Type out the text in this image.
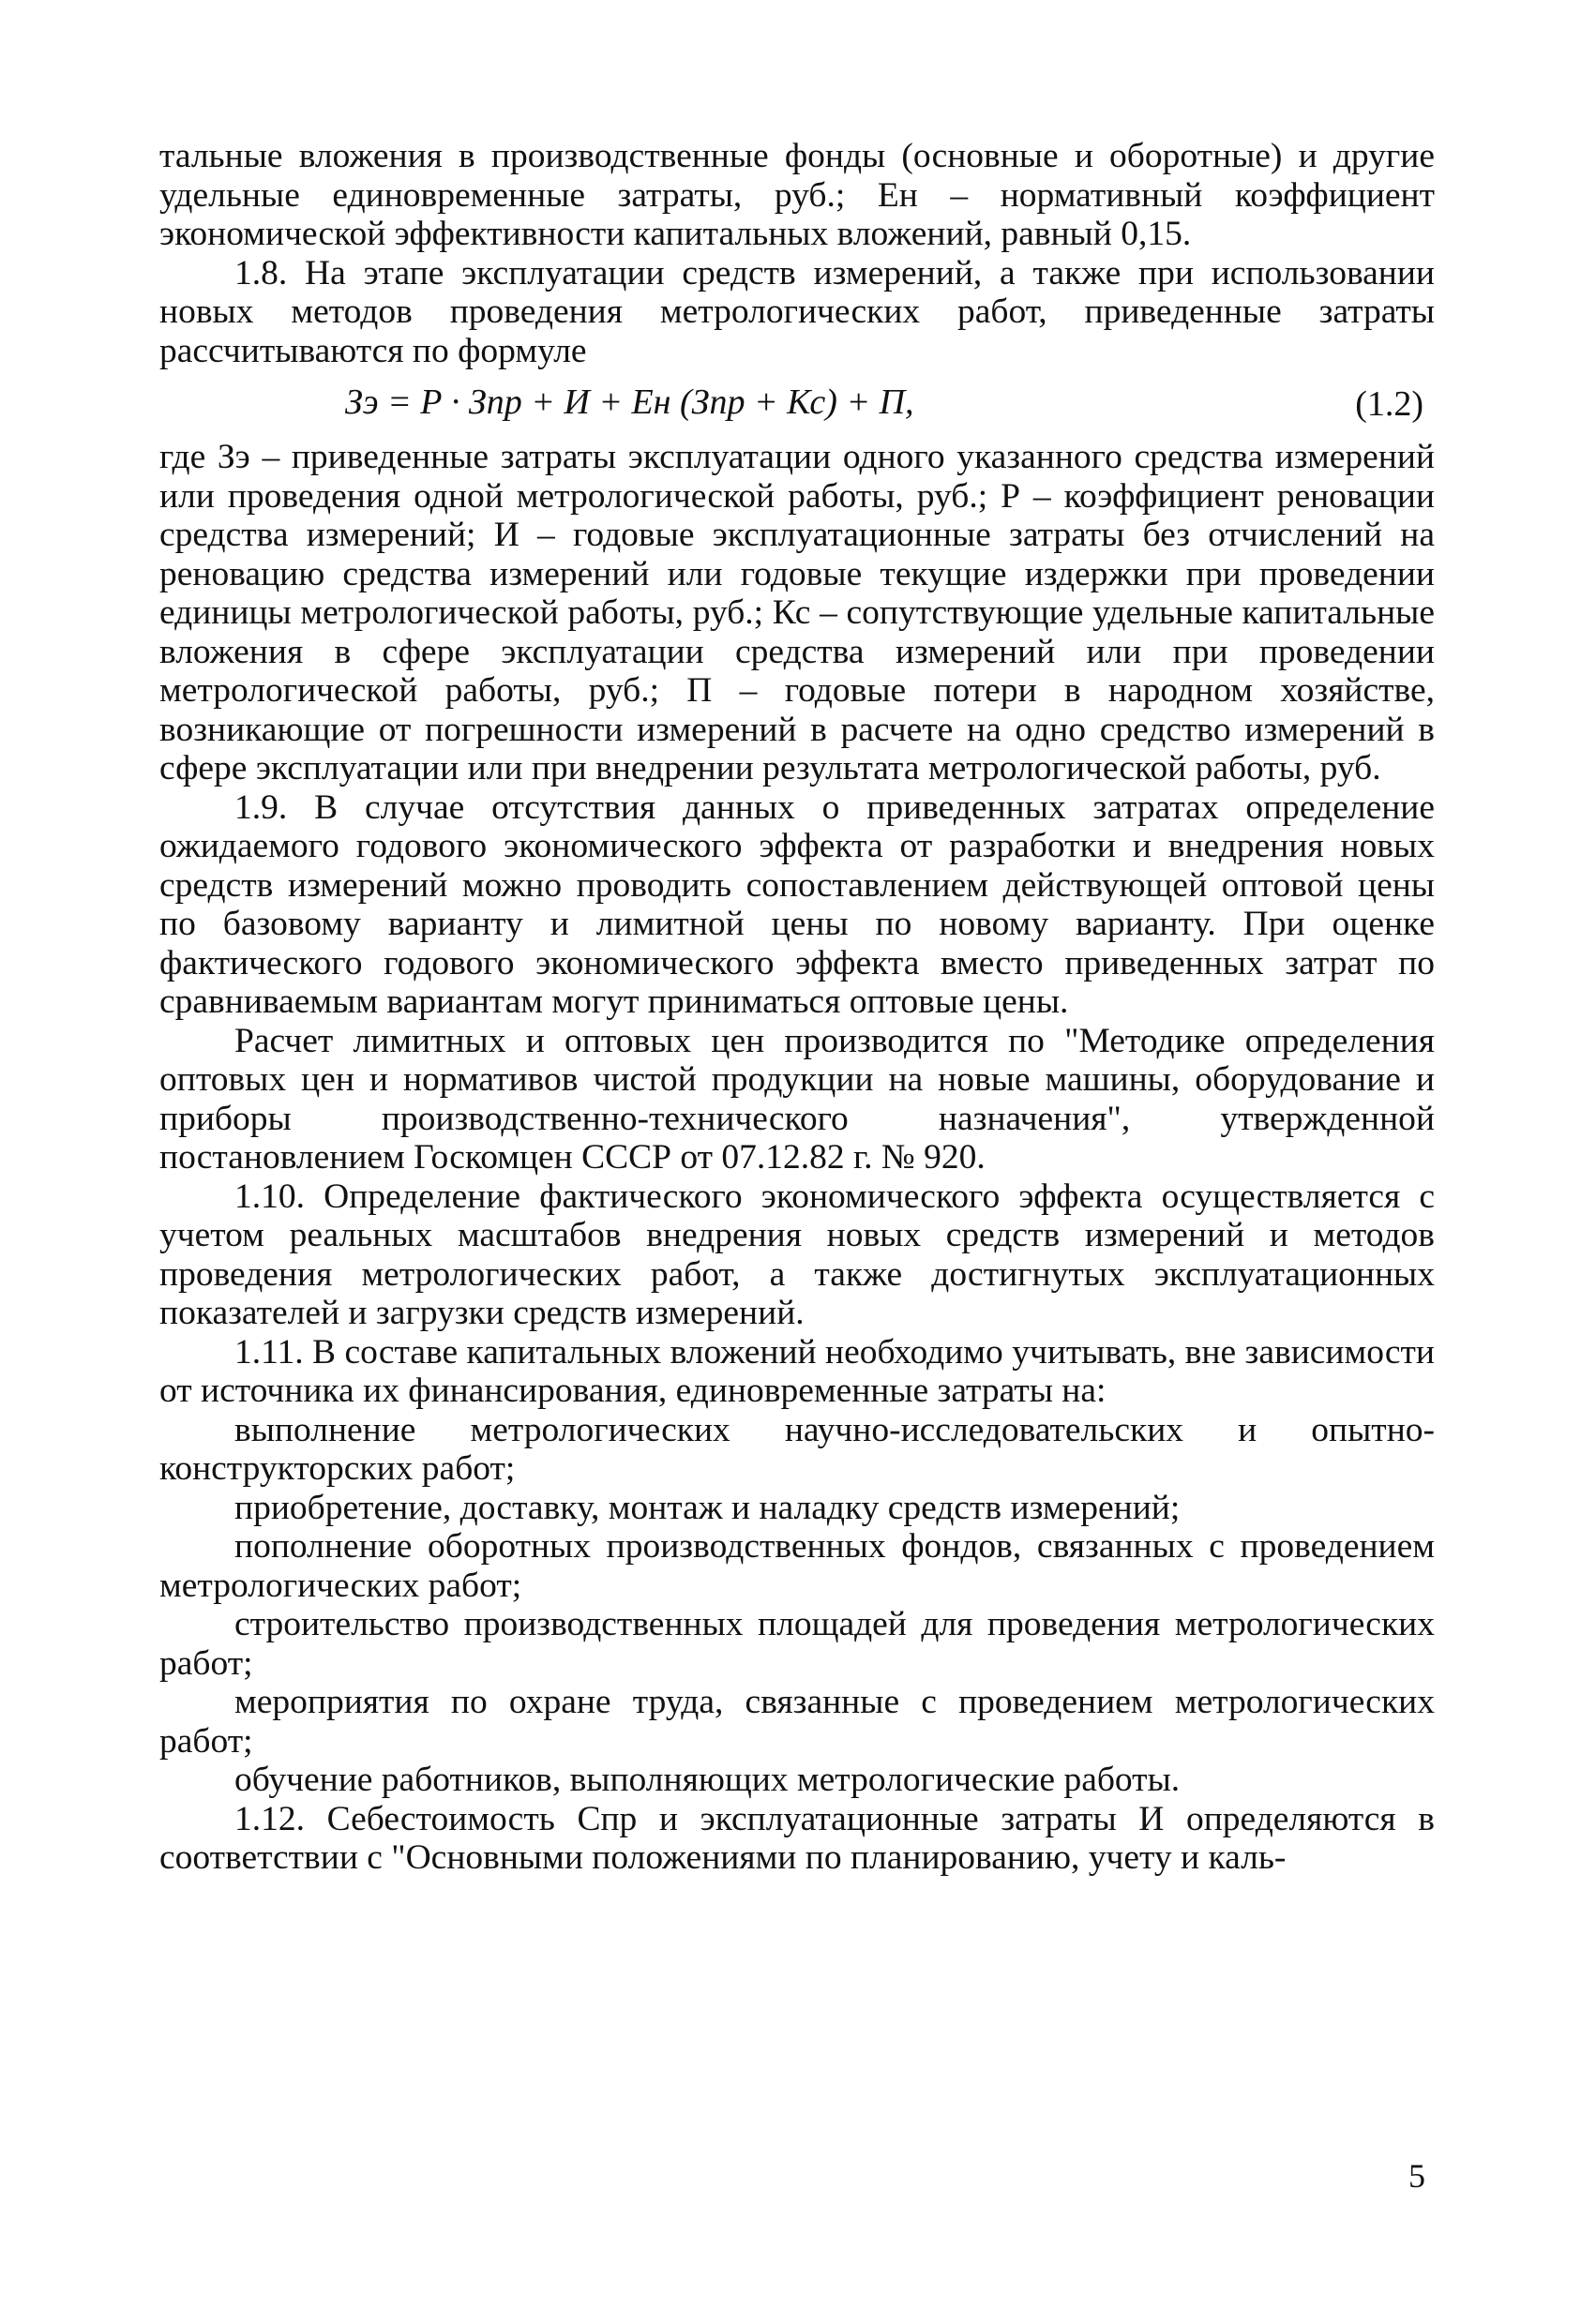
тальные вложения в производственные фонды (основные и оборотные) и другие удельные единовременные затраты, руб.; Ен – нормативный коэффициент экономической эффективности капитальных вложений, равный 0,15.

1.8. На этапе эксплуатации средств измерений, а также при использовании новых методов проведения метрологических работ, приведенные затраты рассчитываются по формуле

Зэ = Р · Зпр + И + Ен (Зпр + Кс) + П,	(1.2)

где Зэ – приведенные затраты эксплуатации одного указанного средства измерений или проведения одной метрологической работы, руб.; Р – коэффициент реновации средства измерений; И – годовые эксплуатационные затраты без отчислений на реновацию средства измерений или годовые текущие издержки при проведении единицы метрологической работы, руб.; Кс – сопутствующие удельные капитальные вложения в сфере эксплуатации средства измерений или при проведении метрологической работы, руб.; П – годовые потери в народном хозяйстве, возникающие от погрешности измерений в расчете на одно средство измерений в сфере эксплуатации или при внедрении результата метрологической работы, руб.

1.9. В случае отсутствия данных о приведенных затратах определение ожидаемого годового экономического эффекта от разработки и внедрения новых средств измерений можно проводить сопоставлением действующей оптовой цены по базовому варианту и лимитной цены по новому варианту. При оценке фактического годового экономического эффекта вместо приведенных затрат по сравниваемым вариантам могут приниматься оптовые цены.

Расчет лимитных и оптовых цен производится по "Методике определения оптовых цен и нормативов чистой продукции на новые машины, оборудование и приборы производственно-технического назначения", утвержденной постановлением Госкомцен СССР от 07.12.82 г. № 920.

1.10. Определение фактического экономического эффекта осуществляется с учетом реальных масштабов внедрения новых средств измерений и методов проведения метрологических работ, а также достигнутых эксплуатационных показателей и загрузки средств измерений.

1.11. В составе капитальных вложений необходимо учитывать, вне зависимости от источника их финансирования, единовременные затраты на:

выполнение метрологических научно-исследовательских и опытно-конструкторских работ;

приобретение, доставку, монтаж и наладку средств измерений;

пополнение оборотных производственных фондов, связанных с проведением метрологических работ;

строительство производственных площадей для проведения метрологических работ;

мероприятия по охране труда, связанные с проведением метрологических работ;

обучение работников, выполняющих метрологические работы.

1.12. Себестоимость Спр и эксплуатационные затраты И определяются в соответствии с "Основными положениями по планированию, учету и каль-

5
